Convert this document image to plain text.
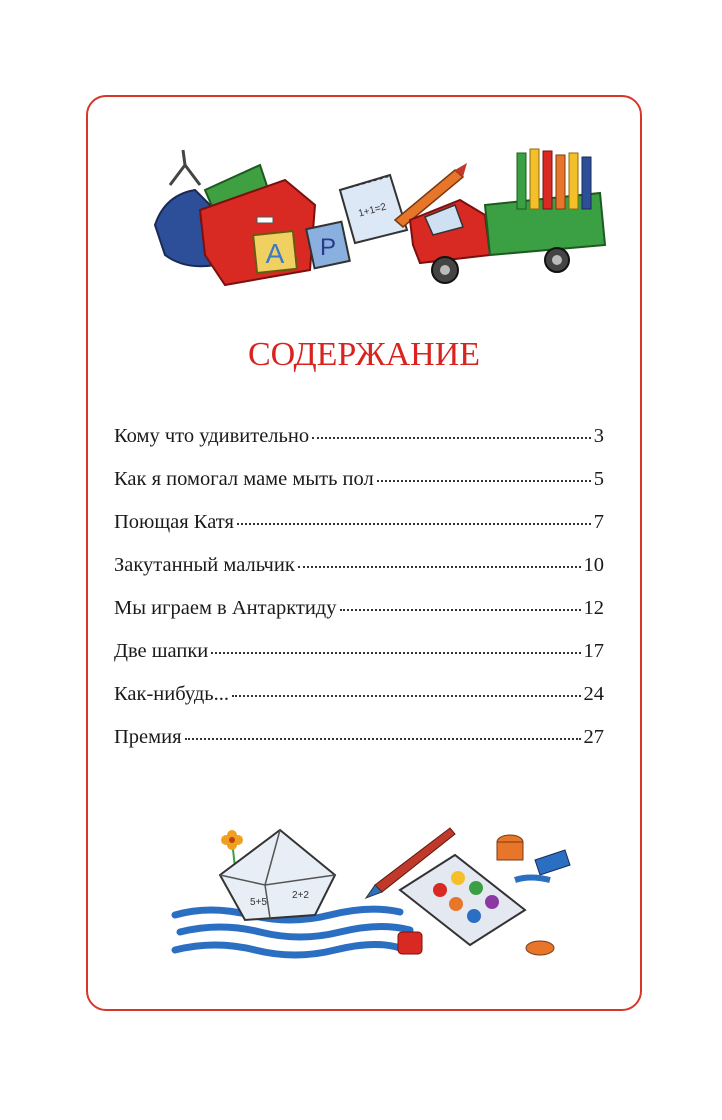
А Р
1+1=2
СОДЕРЖАНИЕ
Кому что удивительно	3
Как я помогал маме мыть пол	5
Поющая Катя	7
Закутанный мальчик	10
Мы играем в Антарктиду	12
Две шапки	17
Как-нибудь...	24
Премия	27
5+5
2+2
